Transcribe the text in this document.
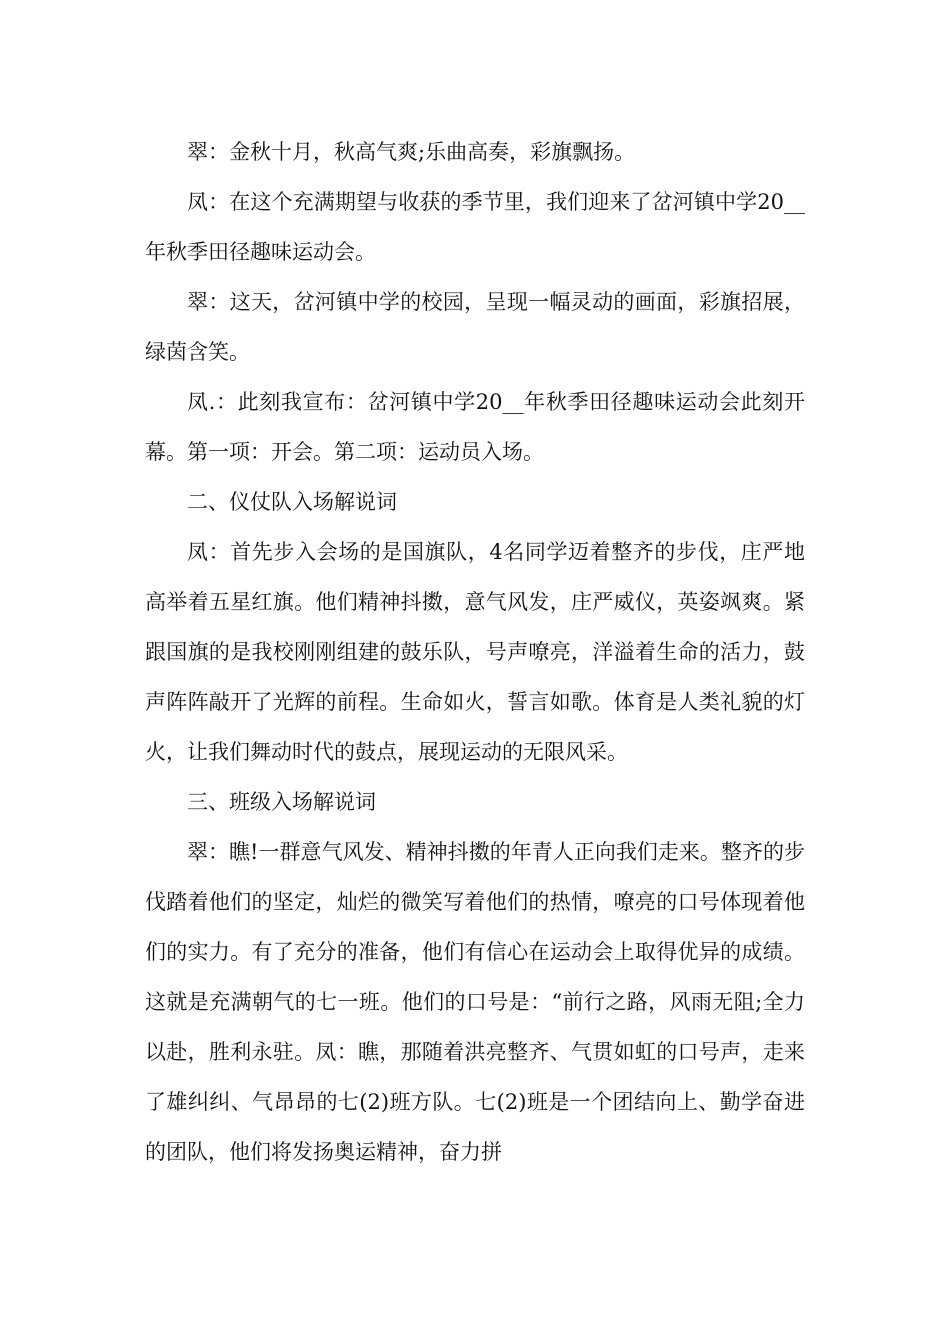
翠：金秋十月，秋高气爽;乐曲高奏，彩旗飘扬。

凤：在这个充满期望与收获的季节里，我们迎来了岔河镇中学20__年秋季田径趣味运动会。

翠：这天，岔河镇中学的校园，呈现一幅灵动的画面，彩旗招展，绿茵含笑。

凤.：此刻我宣布：岔河镇中学20__年秋季田径趣味运动会此刻开幕。第一项：开会。第二项：运动员入场。

二、仪仗队入场解说词

凤：首先步入会场的是国旗队，4名同学迈着整齐的步伐，庄严地高举着五星红旗。他们精神抖擞，意气风发，庄严威仪，英姿飒爽。紧跟国旗的是我校刚刚组建的鼓乐队，号声嘹亮，洋溢着生命的活力，鼓声阵阵敲开了光辉的前程。生命如火，誓言如歌。体育是人类礼貌的灯火，让我们舞动时代的鼓点，展现运动的无限风采。

三、班级入场解说词

翠：瞧!一群意气风发、精神抖擞的年青人正向我们走来。整齐的步伐踏着他们的坚定，灿烂的微笑写着他们的热情，嘹亮的口号体现着他们的实力。有了充分的准备，他们有信心在运动会上取得优异的成绩。这就是充满朝气的七一班。他们的口号是：“前行之路，风雨无阻;全力以赴，胜利永驻。凤：瞧，那随着洪亮整齐、气贯如虹的口号声，走来了雄纠纠、气昂昂的七(2)班方队。七(2)班是一个团结向上、勤学奋进的团队，他们将发扬奥运精神，奋力拼
